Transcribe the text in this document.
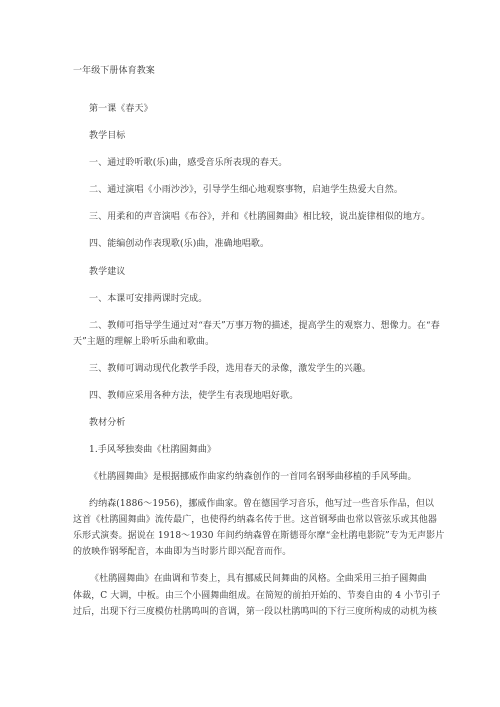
一年级下册体育教案
第一课《春天》
教学目标
一、通过聆听歌(乐)曲，感受音乐所表现的春天。
二、通过演唱《小雨沙沙》，引导学生细心地观察事物，启迪学生热爱大自然。
三、用柔和的声音演唱《布谷》，并和《杜鹃圆舞曲》相比较，说出旋律相似的地方。
四、能编创动作表现歌(乐)曲，准确地唱歌。
教学建议
一、本课可安排两课时完成。
二、教师可指导学生通过对“春天”万事万物的描述，提高学生的观察力、想像力。在“春
天”主题的理解上聆听乐曲和歌曲。
三、教师可调动现代化教学手段，选用春天的录像，激发学生的兴趣。
四、教师应采用各种方法，使学生有表现地唱好歌。
教材分析
1.手风琴独奏曲《杜鹃圆舞曲》
《杜鹃圆舞曲》是根据挪威作曲家约纳森创作的一首同名钢琴曲移植的手风琴曲。
约纳森(1886～1956)，挪威作曲家。曾在德国学习音乐，他写过一些音乐作品，但以
这首《杜鹃圆舞曲》流传最广，也使得约纳森名传于世。这首钢琴曲也常以管弦乐或其他器
乐形式演奏。据说在 1918～1930 年间约纳森曾在斯德哥尔摩“金杜鹃电影院”专为无声影片
的放映作钢琴配音，本曲即为当时影片即兴配音而作。
《杜鹃圆舞曲》在曲调和节奏上，具有挪威民间舞曲的风格。全曲采用三拍子圆舞曲
体裁，C 大调，中板。由三个小圆舞曲组成。在简短的前拍开始的、节奏自由的 4 小节引子
过后，出现下行三度模仿杜鹃鸣叫的音调，第一段以杜鹃鸣叫的下行三度所构成的动机为核
